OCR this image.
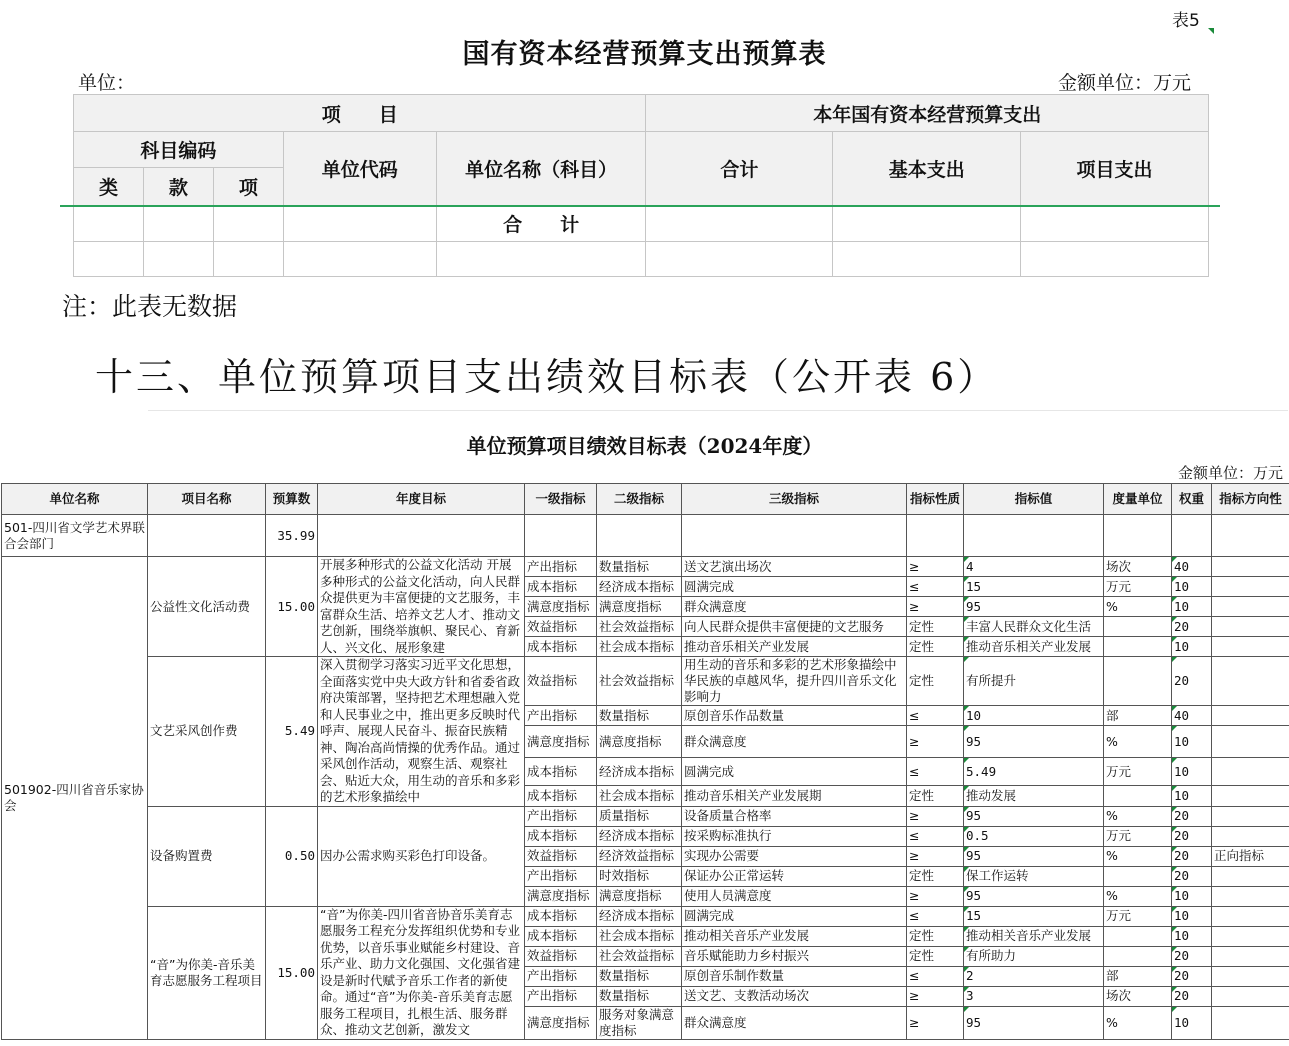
表5
国有资本经营预算支出预算表
单位：	金额单位：万元
项　　目					本年国有资本经营预算支出		
科目编码			单位代码	单位名称（科目）	合计	基本支出	项目支出
类	款	项					
				合　　计			

注：此表无数据
十三、单位预算项目支出绩效目标表（公开表 6）
单位预算项目绩效目标表（2024年度）
金额单位：万元
单位名称	项目名称	预算数	年度目标	一级指标	二级指标	三级指标	指标性质	指标值	度量单位	权重	指标方向性
501-四川省文学艺术界联合会部门		35.99									
501902-四川省音乐家协会	公益性文化活动费	15.00	开展多种形式的公益文化活动 开展多种形式的公益文化活动，向人民群众提供更为丰富便捷的文艺服务，丰富群众生活、培养文艺人才、推动文艺创新，围绕举旗帜、聚民心、育新人、兴文化、展形象建	产出指标	数量指标	送文艺演出场次	≥	4	场次	40	
				成本指标	经济成本指标	圆满完成	≤	15	万元	10	
				满意度指标	满意度指标	群众满意度	≥	95	%	10	
				效益指标	社会效益指标	向人民群众提供丰富便捷的文艺服务	定性	丰富人民群众文化生活		20	
				成本指标	社会成本指标	推动音乐相关产业发展	定性	推动音乐相关产业发展		10	
	文艺采风创作费	5.49	深入贯彻学习落实习近平文化思想，全面落实党中央大政方针和省委省政府决策部署，坚持把艺术理想融入党和人民事业之中，推出更多反映时代呼声、展现人民奋斗、振奋民族精神、陶冶高尚情操的优秀作品。通过采风创作活动，观察生活、观察社会、贴近大众，用生动的音乐和多彩的艺术形象描绘中	效益指标	社会效益指标	用生动的音乐和多彩的艺术形象描绘中华民族的卓越风华，提升四川音乐文化影响力	定性	有所提升		20	
				产出指标	数量指标	原创音乐作品数量	≤	10	部	40	
				满意度指标	满意度指标	群众满意度	≥	95	%	10	
				成本指标	经济成本指标	圆满完成	≤	5.49	万元	10	
				成本指标	社会成本指标	推动音乐相关产业发展期	定性	推动发展		10	
	设备购置费	0.50	因办公需求购买彩色打印设备。	产出指标	质量指标	设备质量合格率	≥	95	%	20	
				成本指标	经济成本指标	按采购标准执行	≤	0.5	万元	20	
				效益指标	经济效益指标	实现办公需要	≥	95	%	20	正向指标
				产出指标	时效指标	保证办公正常运转	定性	保工作运转		20	
				满意度指标	满意度指标	使用人员满意度	≥	95	%	10	
	“音”为你美-音乐美育志愿服务工程项目	15.00	“音”为你美-四川省音协音乐美育志愿服务工程充分发挥组织优势和专业优势，以音乐事业赋能乡村建设、音乐产业、助力文化强国、文化强省建设是新时代赋予音乐工作者的新使命。通过“音”为你美-音乐美育志愿服务工程项目，扎根生活、服务群众、推动文艺创新，激发文	成本指标	经济成本指标	圆满完成	≤	15	万元	10	
				成本指标	社会成本指标	推动相关音乐产业发展	定性	推动相关音乐产业发展		10	
				效益指标	社会效益指标	音乐赋能助力乡村振兴	定性	有所助力		20	
				产出指标	数量指标	原创音乐制作数量	≤	2	部	20	
				产出指标	数量指标	送文艺、支教活动场次	≥	3	场次	20	
				满意度指标	服务对象满意度指标	群众满意度	≥	95	%	10	
